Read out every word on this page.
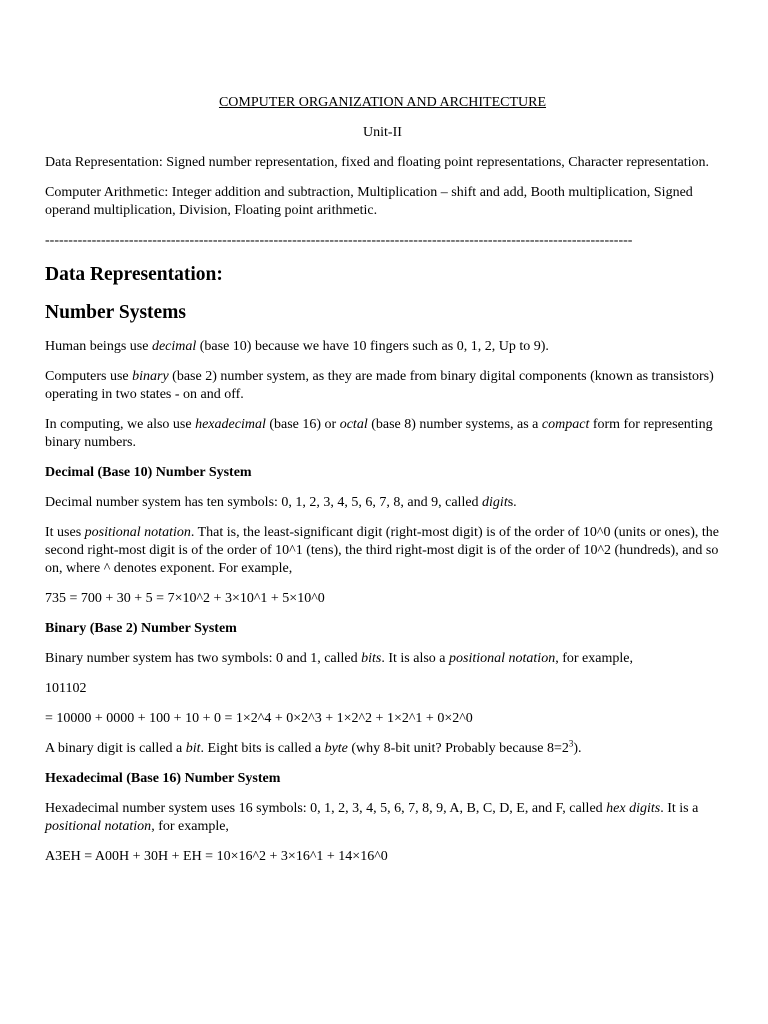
COMPUTER ORGANIZATION AND ARCHITECTURE

Unit-II

Data Representation: Signed number representation, fixed and floating point representations, Character representation.

Computer Arithmetic: Integer addition and subtraction, Multiplication – shift and add, Booth multiplication, Signed operand multiplication, Division, Floating point arithmetic.

------------------------------------------------------------------------------------------------------------------------------

Data Representation:
Number Systems

Human beings use decimal (base 10) because we have 10 fingers such as 0, 1, 2, Up to 9).

Computers use binary (base 2) number system, as they are made from binary digital components (known as transistors) operating in two states - on and off.

In computing, we also use hexadecimal (base 16) or octal (base 8) number systems, as a compact form for representing binary numbers.

Decimal (Base 10) Number System

Decimal number system has ten symbols: 0, 1, 2, 3, 4, 5, 6, 7, 8, and 9, called digits.

It uses positional notation. That is, the least-significant digit (right-most digit) is of the order of 10^0 (units or ones), the second right-most digit is of the order of 10^1 (tens), the third right-most digit is of the order of 10^2 (hundreds), and so on, where ^ denotes exponent. For example,

735 = 700 + 30 + 5 = 7×10^2 + 3×10^1 + 5×10^0

Binary (Base 2) Number System

Binary number system has two symbols: 0 and 1, called bits. It is also a positional notation, for example,

101102

= 10000 + 0000 + 100 + 10 + 0 = 1×2^4 + 0×2^3 + 1×2^2 + 1×2^1 + 0×2^0

A binary digit is called a bit. Eight bits is called a byte (why 8-bit unit? Probably because $8=2^3$).

Hexadecimal (Base 16) Number System

Hexadecimal number system uses 16 symbols: 0, 1, 2, 3, 4, 5, 6, 7, 8, 9, A, B, C, D, E, and F, called hex digits. It is a positional notation, for example,

A3EH = A00H + 30H + EH = 10×16^2 + 3×16^1 + 14×16^0
